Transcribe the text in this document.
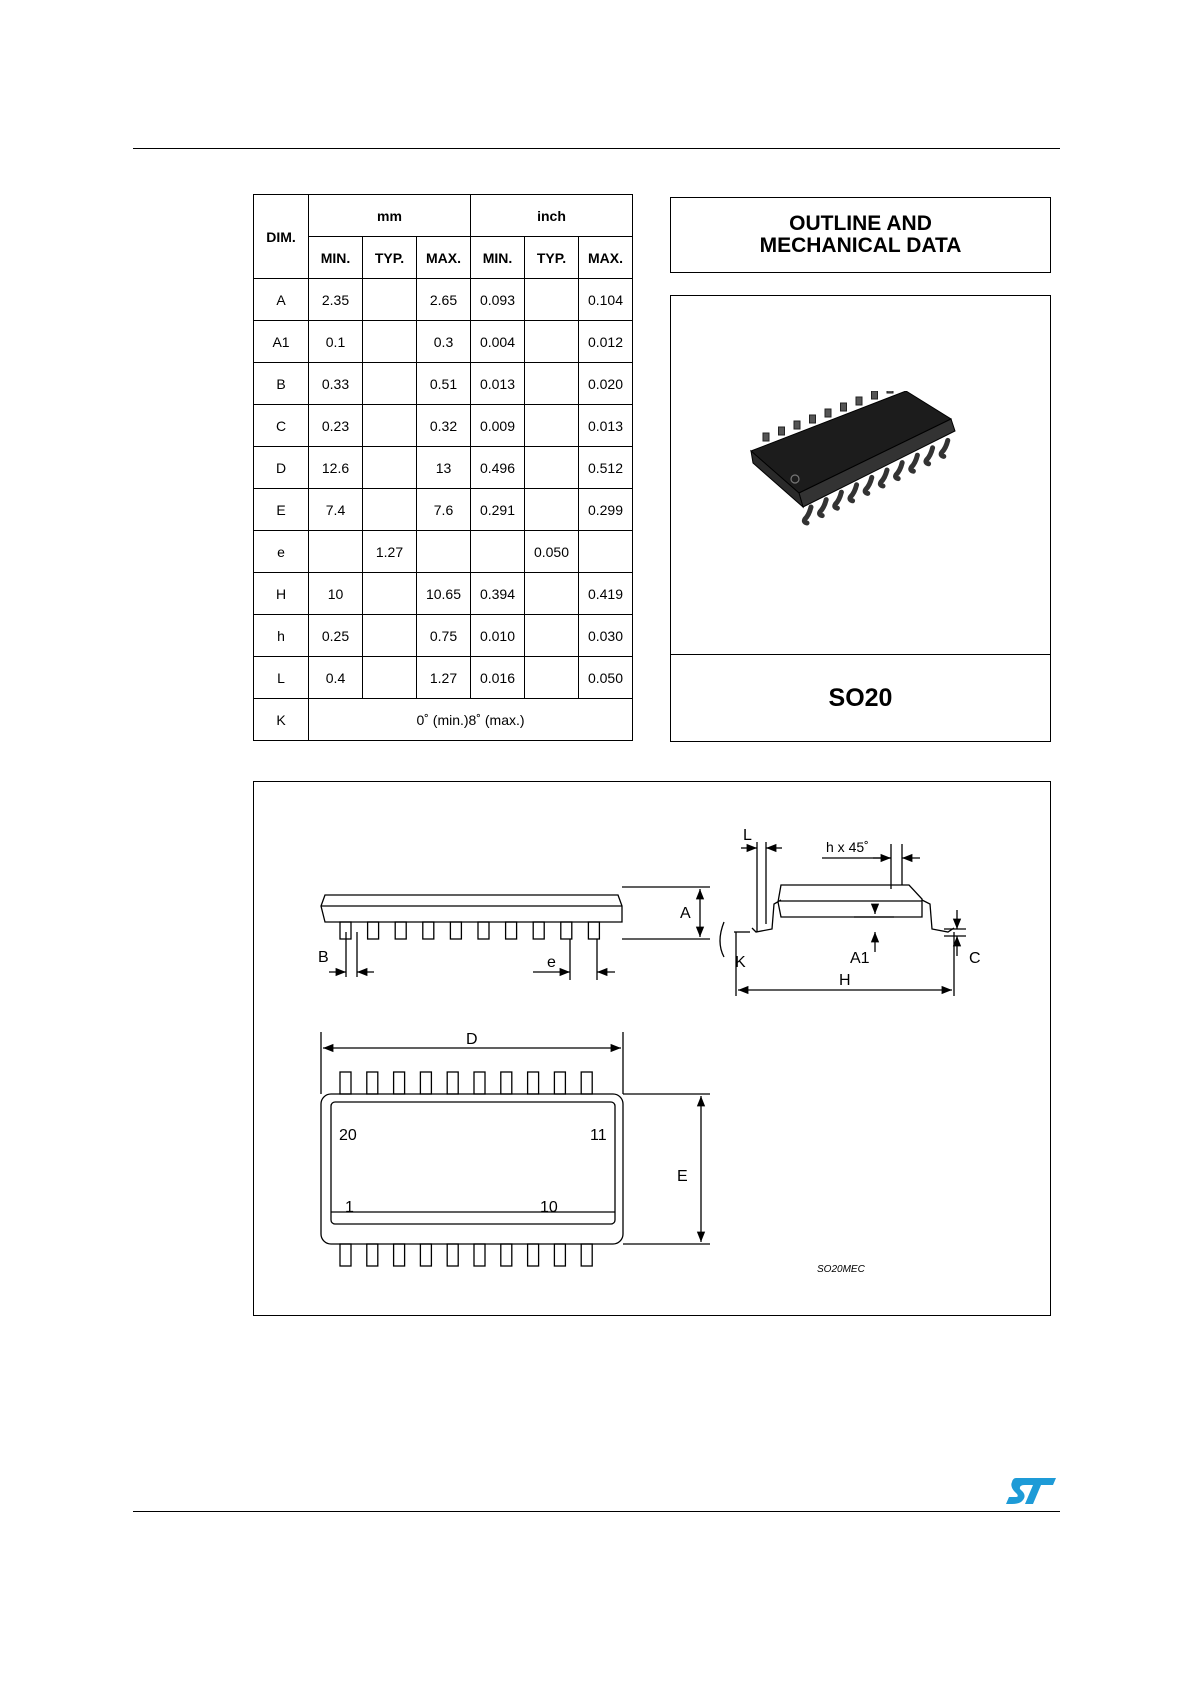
DIM.	mm			inch		
	MIN.	TYP.	MAX.	MIN.	TYP.	MAX.
A	2.35		2.65	0.093		0.104
A1	0.1		0.3	0.004		0.012
B	0.33		0.51	0.013		0.020
C	0.23		0.32	0.009		0.013
D	12.6		13	0.496		0.512
E	7.4		7.6	0.291		0.299
e		1.27			0.050	
H	10		10.65	0.394		0.419
h	0.25		0.75	0.010		0.030
L	0.4		1.27	0.016		0.050
K	0˚ (min.)8˚ (max.)					
OUTLINE AND
MECHANICAL DATA
SO20
L
h x 45˚
A
B	e	K	A1	C
H
D
E
20	11
1	10
SO20MEC
